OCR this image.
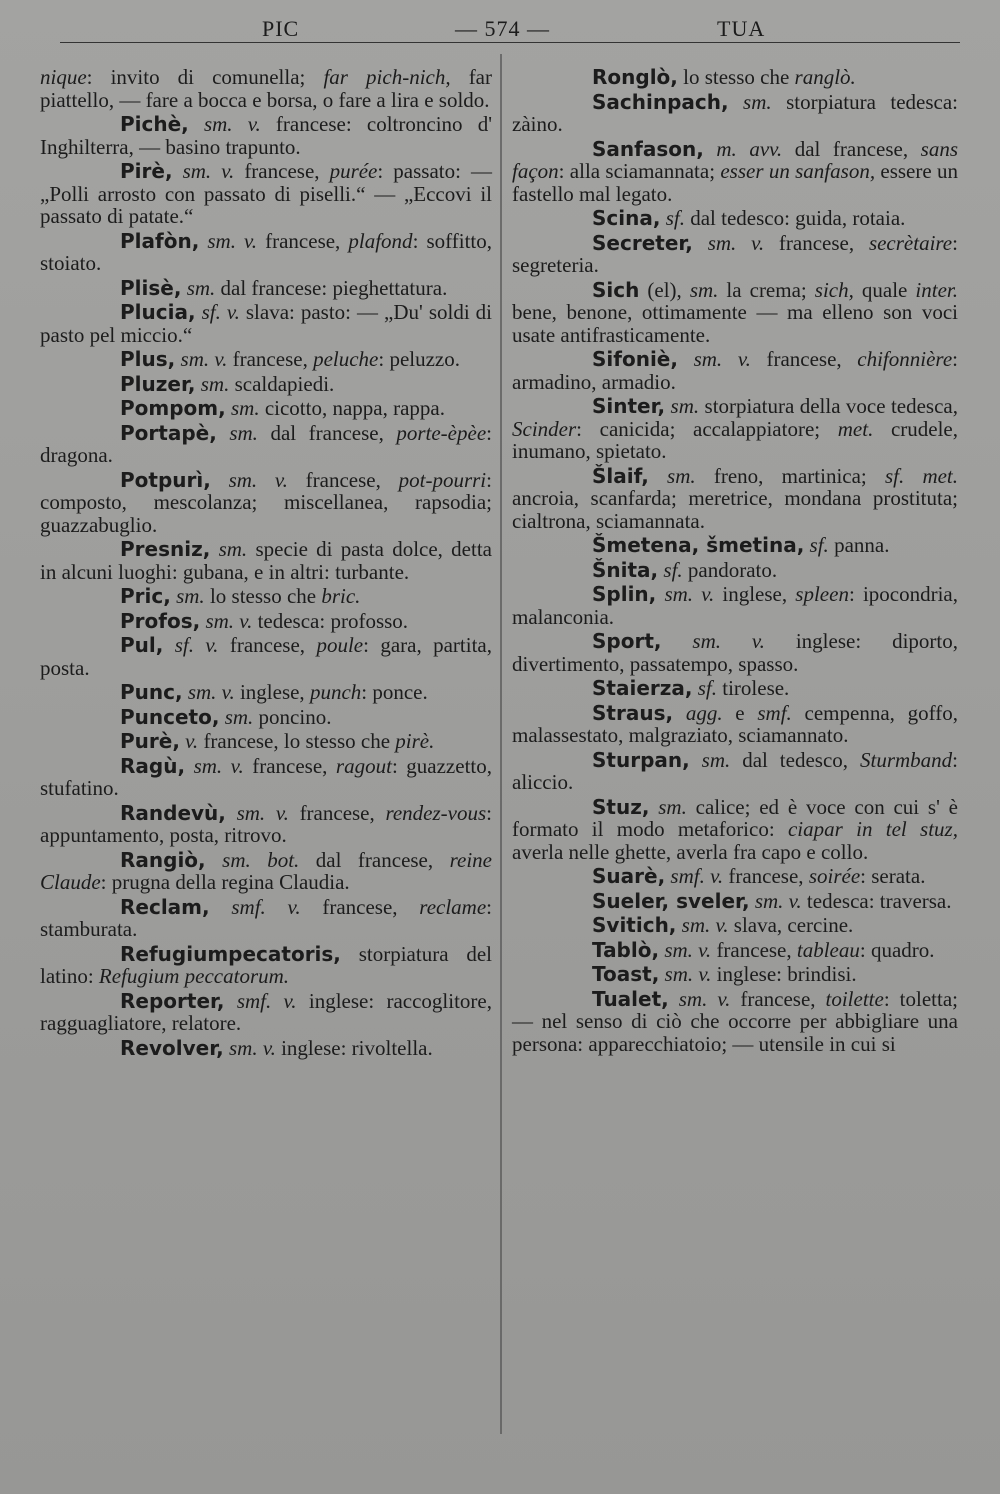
PIC	— 574 —	TUA

nique: invito di comunella; far pich-nich, far piattello, — fare a bocca e borsa, o fare a lira e soldo.

Pichè, sm. v. francese: coltroncino d' Inghilterra, — basino trapunto.

Pirè, sm. v. francese, purée: passato: — „Polli arrosto con passato di piselli.“ — „Eccovi il passato di patate.“

Plafòn, sm. v. francese, plafond: soffitto, stoiato.

Plisè, sm. dal francese: pieghettatura.

Plucia, sf. v. slava: pasto: — „Du' soldi di pasto pel miccio.“

Plus, sm. v. francese, peluche: peluzzo.

Pluzer, sm. scaldapiedi.

Pompom, sm. cicotto, nappa, rappa.

Portapè, sm. dal francese, porte-èpèe: dragona.

Potpurì, sm. v. francese, pot-pourri: composto, mescolanza; miscellanea, rapsodia; guazzabuglio.

Presniz, sm. specie di pasta dolce, detta in alcuni luoghi: gubana, e in altri: turbante.

Pric, sm. lo stesso che bric.

Profos, sm. v. tedesca: profosso.

Pul, sf. v. francese, poule: gara, partita, posta.

Punc, sm. v. inglese, punch: ponce.

Punceto, sm. poncino.

Purè, v. francese, lo stesso che pirè.

Ragù, sm. v. francese, ragout: guazzetto, stufatino.

Randevù, sm. v. francese, rendez-vous: appuntamento, posta, ritrovo.

Rangiò, sm. bot. dal francese, reine Claude: prugna della regina Claudia.

Reclam, smf. v. francese, reclame: stamburata.

Refugiumpecatoris, storpiatura del latino: Refugium peccatorum.

Reporter, smf. v. inglese: raccoglitore, ragguagliatore, relatore.

Revolver, sm. v. inglese: rivoltella.

Ronglò, lo stesso che ranglò.

Sachinpach, sm. storpiatura tedesca: zàino.

Sanfason, m. avv. dal francese, sans façon: alla sciamannata; esser un sanfason, essere un fastello mal legato.

Scina, sf. dal tedesco: guida, rotaia.

Secreter, sm. v. francese, secrètaire: segreteria.

Sich (el), sm. la crema; sich, quale inter. bene, benone, ottimamente — ma elleno son voci usate antifrasticamente.

Sifoniè, sm. v. francese, chifonnière: armadino, armadio.

Sinter, sm. storpiatura della voce tedesca, Scinder: canicida; accalappiatore; met. crudele, inumano, spietato.

Šlaif, sm. freno, martinica; sf. met. ancroia, scanfarda; meretrice, mondana prostituta; cialtrona, sciamannata.

Šmetena, šmetina, sf. panna.

Šnita, sf. pandorato.

Splin, sm. v. inglese, spleen: ipocondria, malanconia.

Sport, sm. v. inglese: diporto, divertimento, passatempo, spasso.

Staierza, sf. tirolese.

Straus, agg. e smf. cempenna, goffo, malassestato, malgraziato, sciamannato.

Sturpan, sm. dal tedesco, Sturmband: aliccio.

Stuz, sm. calice; ed è voce con cui s' è formato il modo metaforico: ciapar in tel stuz, averla nelle ghette, averla fra capo e collo.

Suarè, smf. v. francese, soirée: serata.

Sueler, sveler, sm. v. tedesca: traversa.

Svitich, sm. v. slava, cercine.

Tablò, sm. v. francese, tableau: quadro.

Toast, sm. v. inglese: brindisi.

Tualet, sm. v. francese, toilette: toletta; — nel senso di ciò che occorre per abbigliare una persona: apparecchiatoio; — utensile in cui si
